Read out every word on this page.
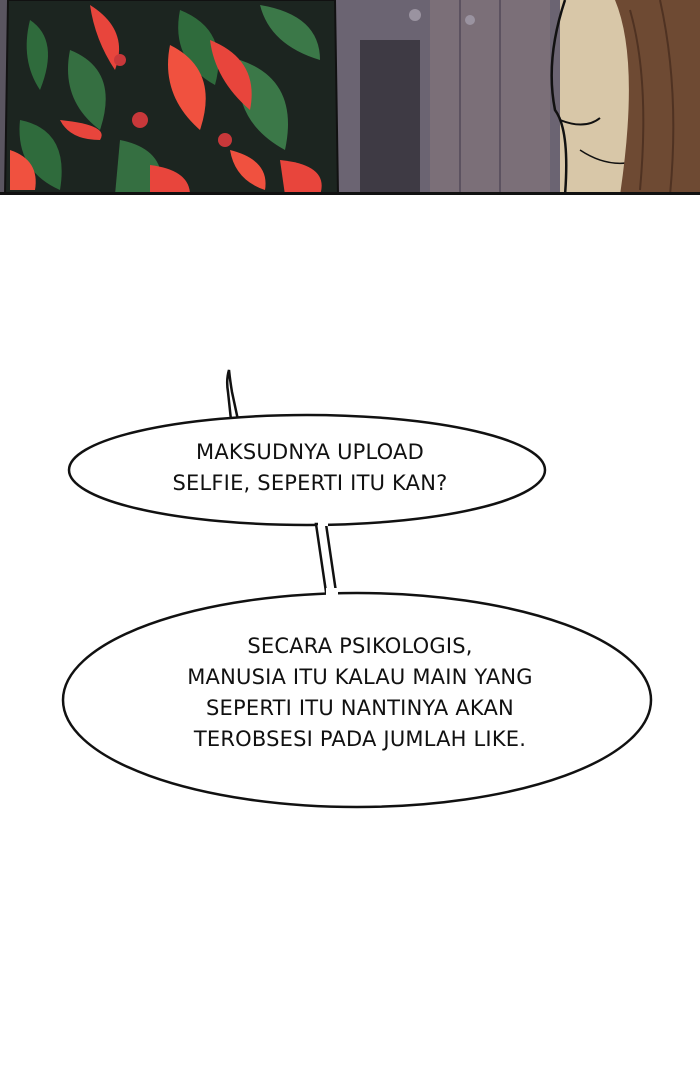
MAKSUDNYA UPLOAD
SELFIE, SEPERTI ITU KAN?
SECARA PSIKOLOGIS,
MANUSIA ITU KALAU MAIN YANG
SEPERTI ITU NANTINYA AKAN
TEROBSESI PADA JUMLAH LIKE.
